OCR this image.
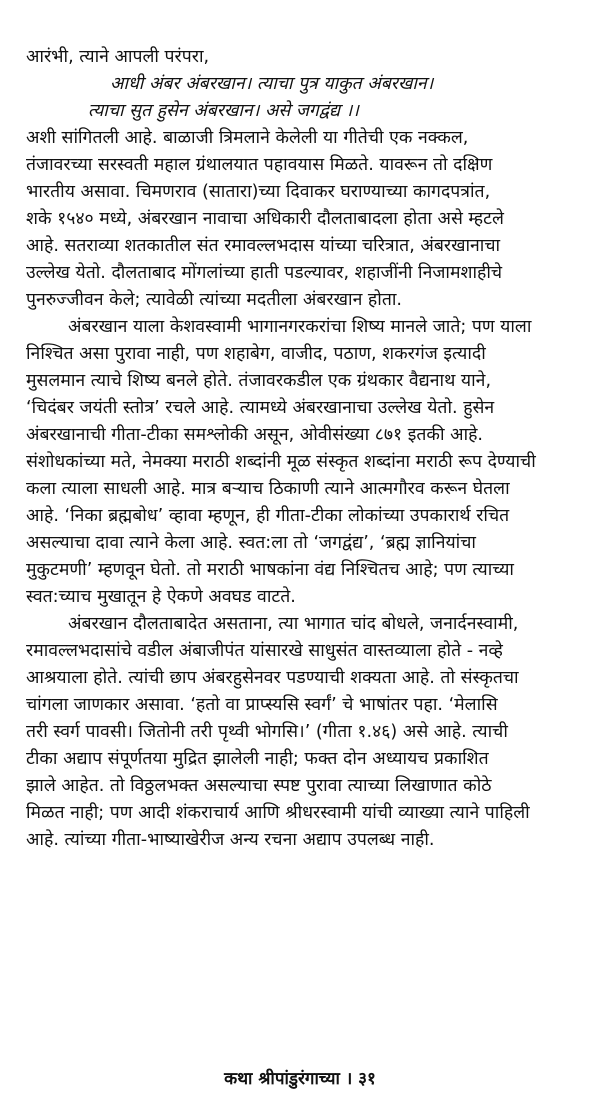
आरंभी, त्याने आपली परंपरा,
आधी अंबर अंबरखान। त्याचा पुत्र याकुत अंबरखान।
त्याचा सुत हुसेन अंबरखान। असे जगद्वंद्य ।।
अशी सांगितली आहे. बाळाजी त्रिमलाने केलेली या गीतेची एक नक्कल,
तंजावरच्या सरस्वती महाल ग्रंथालयात पहावयास मिळते. यावरून तो दक्षिण
भारतीय असावा. चिमणराव (सातारा)च्या दिवाकर घराण्याच्या कागदपत्रांत,
शके १५४० मध्ये, अंबरखान नावाचा अधिकारी दौलताबादला होता असे म्हटले
आहे. सतराव्या शतकातील संत रमावल्लभदास यांच्या चरित्रात, अंबरखानाचा
उल्लेख येतो. दौलताबाद मोंगलांच्या हाती पडल्यावर, शहाजींनी निजामशाहीचे
पुनरुज्जीवन केले; त्यावेळी त्यांच्या मदतीला अंबरखान होता.
अंबरखान याला केशवस्वामी भागानगरकरांचा शिष्य मानले जाते; पण याला
निश्चित असा पुरावा नाही, पण शहाबेग, वाजीद, पठाण, शकरगंज इत्यादी
मुसलमान त्याचे शिष्य बनले होते. तंजावरकडील एक ग्रंथकार वैद्यनाथ याने,
‘चिदंबर जयंती स्तोत्र’ रचले आहे. त्यामध्ये अंबरखानाचा उल्लेख येतो. हुसेन
अंबरखानाची गीता-टीका समश्लोकी असून, ओवीसंख्या ८७१ इतकी आहे.
संशोधकांच्या मते, नेमक्या मराठी शब्दांनी मूळ संस्कृत शब्दांना मराठी रूप देण्याची
कला त्याला साधली आहे. मात्र बऱ्याच ठिकाणी त्याने आत्मगौरव करून घेतला
आहे. ‘निका ब्रह्मबोध’ व्हावा म्हणून, ही गीता-टीका लोकांच्या उपकारार्थ रचित
असल्याचा दावा त्याने केला आहे. स्वत:ला तो ‘जगद्वंद्य’, ‘ब्रह्म ज्ञानियांचा
मुकुटमणी’ म्हणवून घेतो. तो मराठी भाषकांना वंद्य निश्चितच आहे; पण त्याच्या
स्वत:च्याच मुखातून हे ऐकणे अवघड वाटते.
अंबरखान दौलताबादेत असताना, त्या भागात चांद बोधले, जनार्दनस्वामी,
रमावल्लभदासांचे वडील अंबाजीपंत यांसारखे साधुसंत वास्तव्याला होते - नव्हे
आश्रयाला होते. त्यांची छाप अंबरहुसेनवर पडण्याची शक्यता आहे. तो संस्कृतचा
चांगला जाणकार असावा. ‘हतो वा प्राप्स्यसि स्वर्गं’ चे भाषांतर पहा. ‘मेलासि
तरी स्वर्ग पावसी। जितोनी तरी पृथ्वी भोगसि।’ (गीता १.४६) असे आहे. त्याची
टीका अद्याप संपूर्णतया मुद्रित झालेली नाही; फक्त दोन अध्यायच प्रकाशित
झाले आहेत. तो विठ्ठलभक्त असल्याचा स्पष्ट पुरावा त्याच्या लिखाणात कोठे
मिळत नाही; पण आदी शंकराचार्य आणि श्रीधरस्वामी यांची व्याख्या त्याने पाहिली
आहे. त्यांच्या गीता-भाष्याखेरीज अन्य रचना अद्याप उपलब्ध नाही.
कथा श्रीपांडुरंगाच्या । ३१
